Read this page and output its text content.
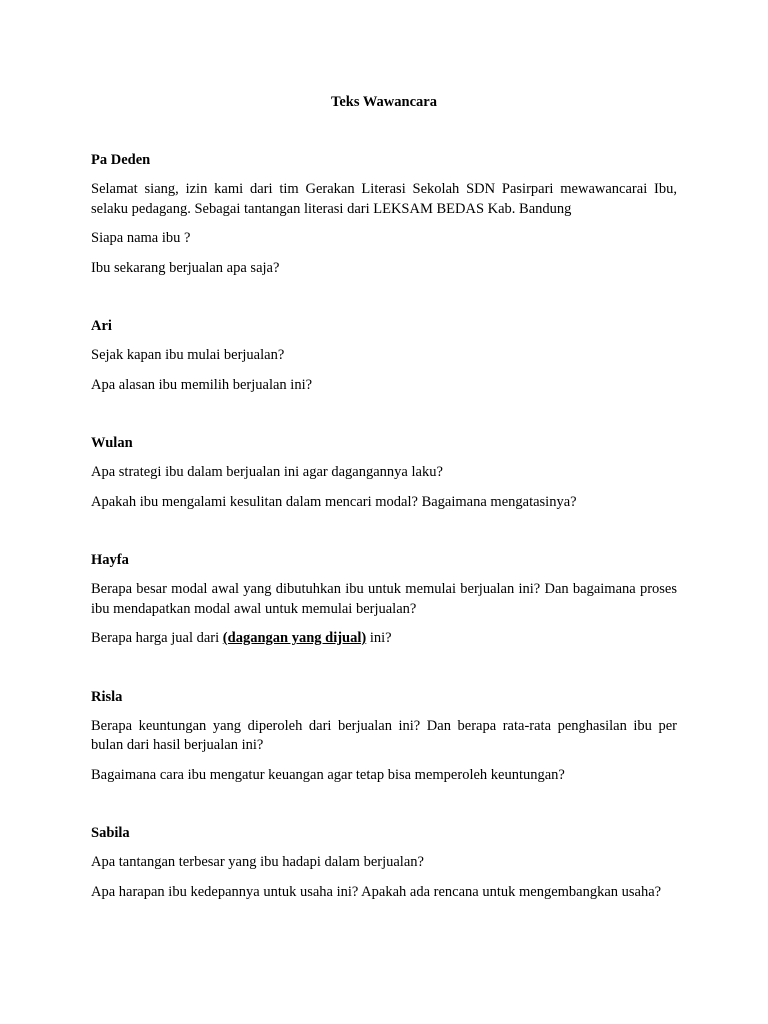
Teks Wawancara
Pa Deden
Selamat siang, izin kami dari tim Gerakan Literasi Sekolah SDN Pasirpari mewawancarai Ibu, selaku pedagang. Sebagai tantangan literasi dari LEKSAM BEDAS Kab. Bandung
Siapa nama ibu ?
Ibu sekarang berjualan apa saja?
Ari
Sejak kapan ibu mulai berjualan?
Apa alasan ibu memilih berjualan ini?
Wulan
Apa strategi ibu dalam berjualan ini agar dagangannya laku?
Apakah ibu mengalami kesulitan dalam mencari modal? Bagaimana mengatasinya?
Hayfa
Berapa besar modal awal yang dibutuhkan ibu untuk memulai berjualan ini? Dan bagaimana proses ibu mendapatkan modal awal untuk memulai berjualan?
Berapa harga jual dari (dagangan yang dijual) ini?
Risla
Berapa keuntungan yang diperoleh dari berjualan ini? Dan berapa rata-rata penghasilan ibu per bulan dari hasil berjualan ini?
Bagaimana cara ibu mengatur keuangan agar tetap bisa memperoleh keuntungan?
Sabila
Apa tantangan terbesar yang ibu hadapi dalam berjualan?
Apa harapan ibu kedepannya untuk usaha ini? Apakah ada rencana untuk mengembangkan usaha?
